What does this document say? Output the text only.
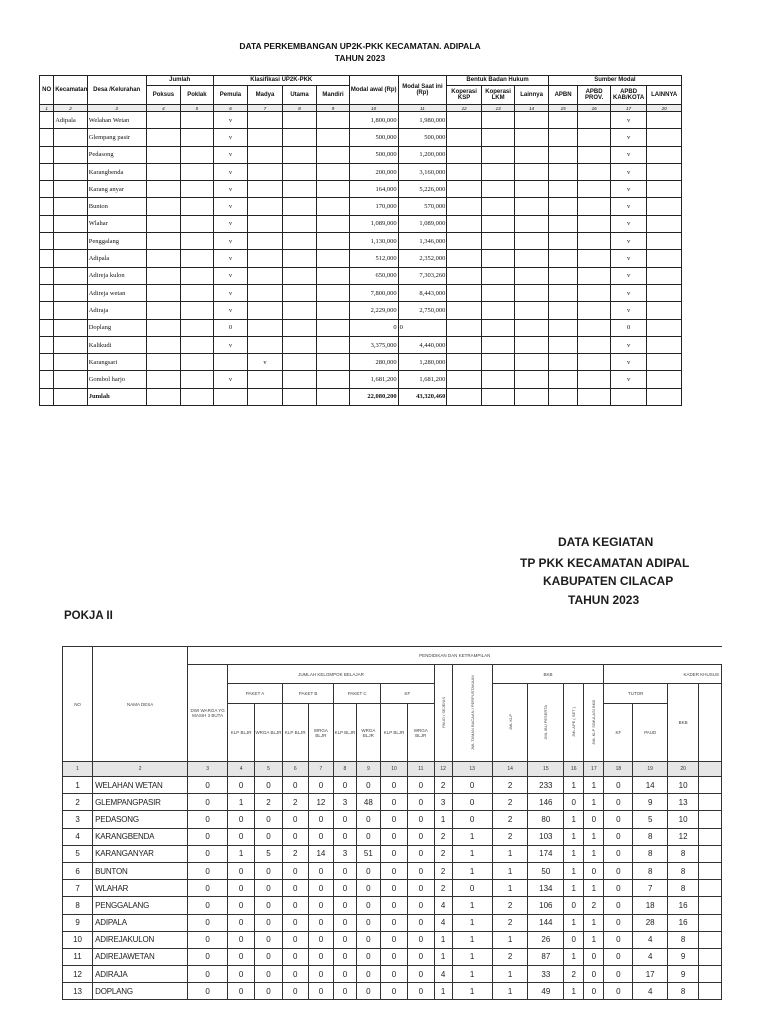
DATA PERKEMBANGAN UP2K-PKK KECAMATAN. ADIPALA
TAHUN 2023
NO	Kecamatan	Desa /Kelurahan	Jumlah		Klasifikasi UP2K-PKK				Modal awal (Rp)	Modal Saat ini (Rp)	Bentuk Badan Hukum			Sumber Modal			
			Poksus	Poklak	Pemula	Madya	Utama	Mandiri			Koperasi KSP	Koperasi LKM	Lainnya	APBN	APBD PROV.	APBD KAB/KOTA	LAINNYA
1	2	3	4	5	6	7	8	9	10	11	12	13	14	15	16	17	20
	Adipala	Welahan Wetan			v				1,800,000	1,980,000						v	
		Glempang pasir			v				500,000	500,000						v	
		Pedasong			v				500,000	1,200,000						v	
		Karangbenda			v				200,000	3,160,000						v	
		Karang anyar			v				164,000	5,226,000						v	
		Bunton			v				170,000	570,000						v	
		Wlahar			v				1,089,000	1,089,000						v	
		Penggalang			v				1,130,000	1,346,000						v	
		Adipala			v				512,000	2,352,000						v	
		Adireja kulon			v				650,000	7,303,260						v	
		Adireja wetan			v				7,800,000	8,443,000						v	
		Adiraja			v				2,229,000	2,750,000						v	
		Doplang			0				0	0						0	
		Kalikudi			v				3,375,000	4,440,000						v	
		Karangsari				v			280,000	1,280,000						v	
		Gombol harjo			v				1,681,200	1,681,200						v	
		Jumlah							22,080,200	43,320,460							
DATA KEGIATAN
TP PKK KECAMATAN ADIPAL
KABUPATEN CILACAP
TAHUN 2023
POKJA II
NO	NAMA DESA	PENDIDIKAN DAN KETRAMPILAN																		
		DWI WARGA YG MASIH 3 BUTA	JUMLAH KELOMPOK BELAJAR								PAUD / SEJENIS	JML TAMAN BACAAN / PERPUSTAKAAN	BKB				KADER KHUSUS			
			PAKET A		PAKET B		PAKET C		KF				JML KLP	JML IBU PESERTA	JML APE ( SET )	JML KLP SIMULASI BKB	TUTOR		BKB	
			KLP BLJR	WRGA BLJR	KLP BLJR	WRGA BLJR	KLP BLJR	WRGA BLJR	KLP BLJR	WRGA BLJR							KF	PAUD		
1	2	3	4	5	6	7	8	9	10	11	12	13	14	15	16	17	18	19	20	
1	WELAHAN WETAN	0	0	0	0	0	0	0	0	0	2	0	2	233	1	1	0	14	10	
2	GLEMPANGPASIR	0	1	2	2	12	3	48	0	0	3	0	2	146	0	1	0	9	13	
3	PEDASONG	0	0	0	0	0	0	0	0	0	1	0	2	80	1	0	0	5	10	
4	KARANGBENDA	0	0	0	0	0	0	0	0	0	2	1	2	103	1	1	0	8	12	
5	KARANGANYAR	0	1	5	2	14	3	51	0	0	2	1	1	174	1	1	0	8	8	
6	BUNTON	0	0	0	0	0	0	0	0	0	2	1	1	50	1	0	0	8	8	
7	WLAHAR	0	0	0	0	0	0	0	0	0	2	0	1	134	1	1	0	7	8	
8	PENGGALANG	0	0	0	0	0	0	0	0	0	4	1	2	106	0	2	0	18	16	
9	ADIPALA	0	0	0	0	0	0	0	0	0	4	1	2	144	1	1	0	28	16	
10	ADIREJAKULON	0	0	0	0	0	0	0	0	0	1	1	1	26	0	1	0	4	8	
11	ADIREJAWETAN	0	0	0	0	0	0	0	0	0	1	1	2	87	1	0	0	4	9	
12	ADIRAJA	0	0	0	0	0	0	0	0	0	4	1	1	33	2	0	0	17	9	
13	DOPLANG	0	0	0	0	0	0	0	0	0	1	1	1	49	1	0	0	4	8	
